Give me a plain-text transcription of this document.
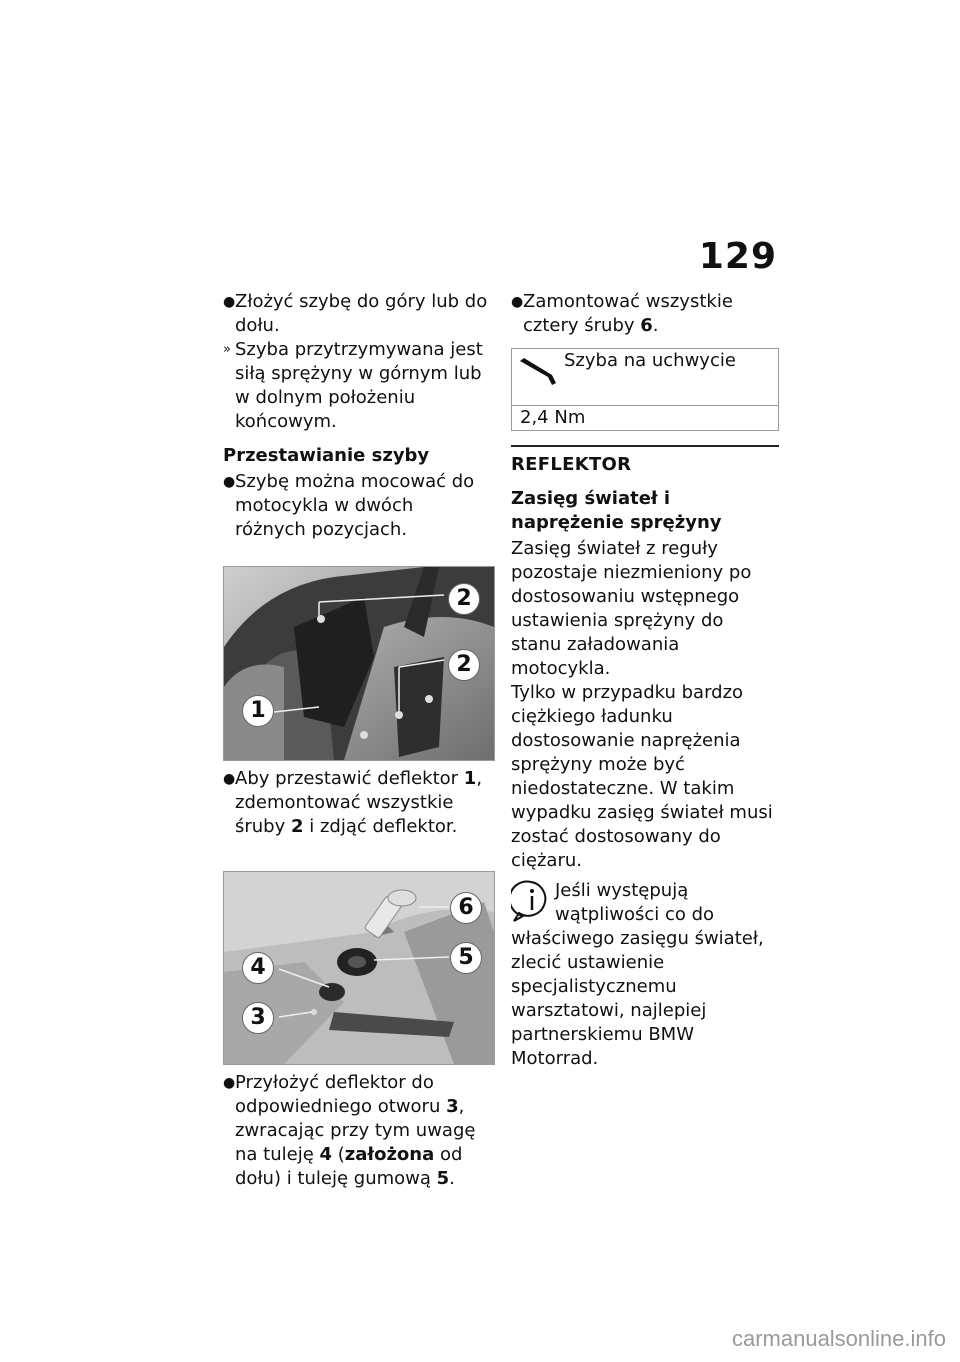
129

● Złożyć szybę do góry lub do dołu.

» Szyba przytrzymywana jest siłą sprężyny w górnym lub w dolnym położeniu końcowym.

Przestawianie szyby

● Szybę można mocować do motocykla w dwóch różnych pozycjach.

2
2
1

● Aby przestawić deflektor 1, zdemontować wszystkie śruby 2 i zdjąć deflektor.

6
5
4
3

● Przyłożyć deflektor do odpowiedniego otworu 3, zwracając przy tym uwagę na tuleję 4 (założona od dołu) i tuleję gumową 5.

● Zamontować wszystkie cztery śruby 6.

Szyba na uchwycie
2,4 Nm

REFLEKTOR

Zasięg świateł i naprężenie sprężyny

Zasięg świateł z reguły pozostaje niezmieniony po dostosowaniu wstępnego ustawienia sprężyny do stanu załadowania motocykla.

Tylko w przypadku bardzo ciężkiego ładunku dostosowanie naprężenia sprężyny może być niedostateczne. W takim wypadku zasięg świateł musi zostać dostosowany do ciężaru.

Jeśli występują wątpliwości co do właściwego zasięgu świateł, zlecić ustawienie specjalistycznemu warsztatowi, najlepiej partnerskiemu BMW Motorrad.
carmanualsonline.info
